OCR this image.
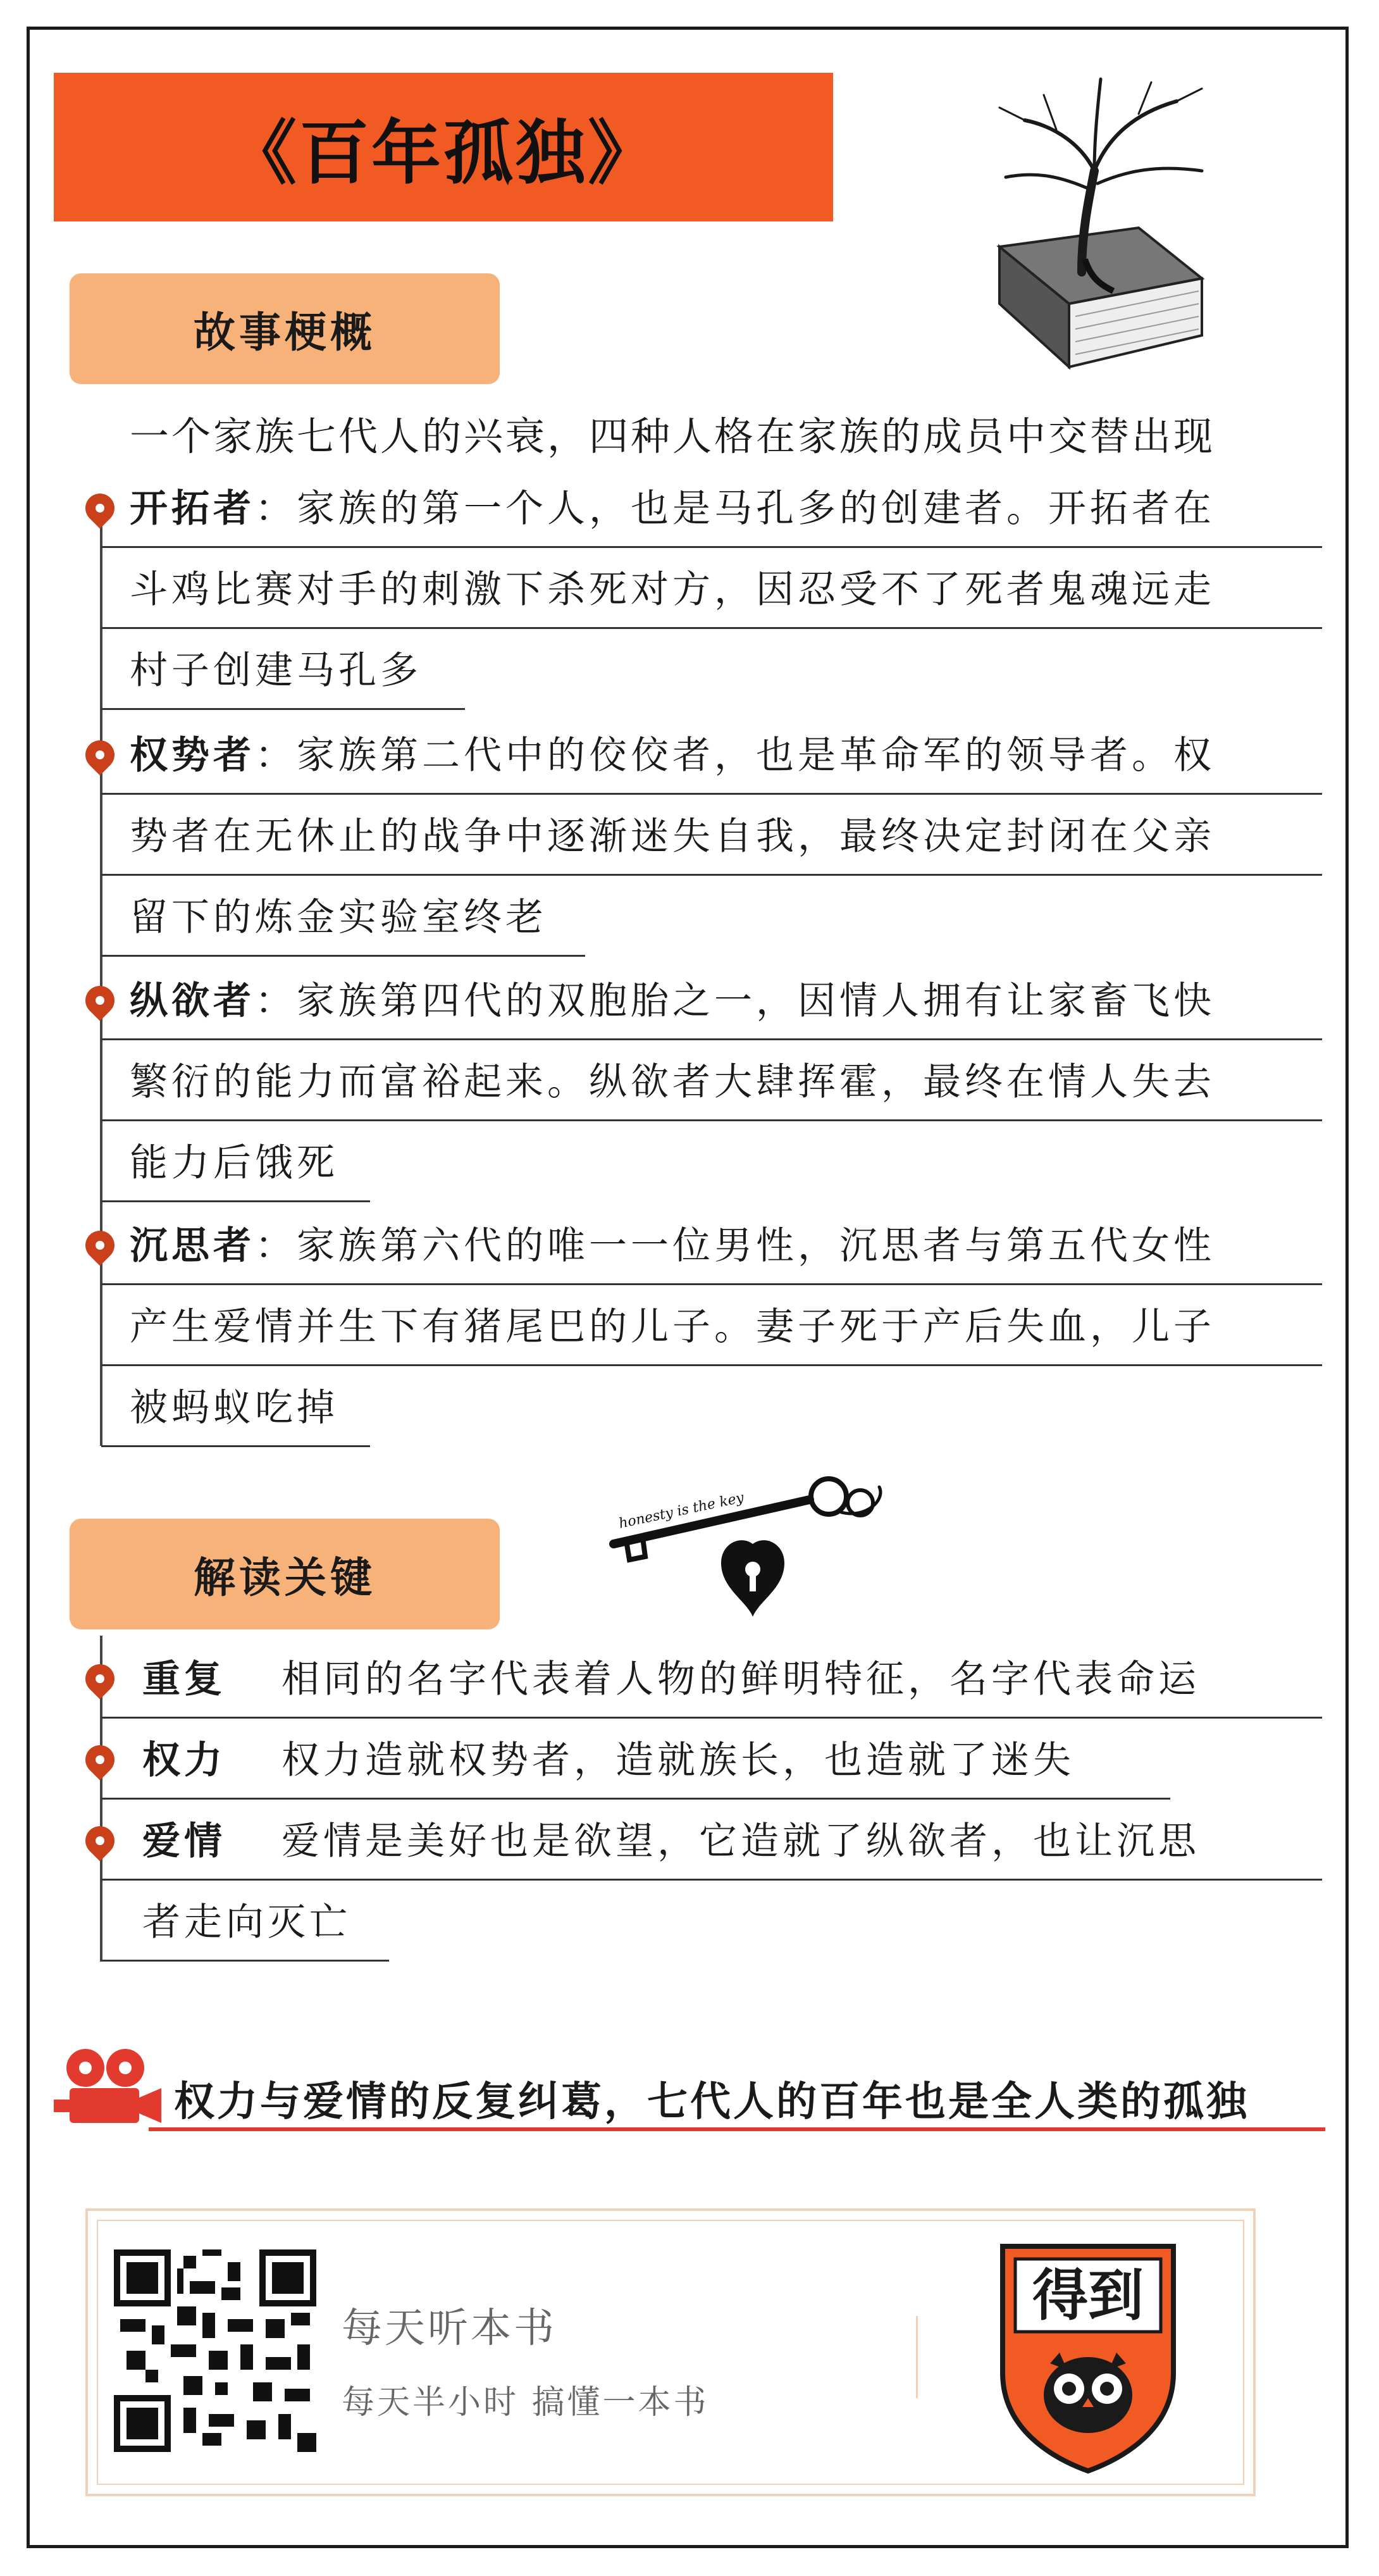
《百年孤独》
故事梗概
一个家族七代人的兴衰，四种人格在家族的成员中交替出现
开拓者：家族的第一个人，也是马孔多的创建者。开拓者在
斗鸡比赛对手的刺激下杀死对方，因忍受不了死者鬼魂远走
村子创建马孔多
权势者：家族第二代中的佼佼者，也是革命军的领导者。权
势者在无休止的战争中逐渐迷失自我，最终决定封闭在父亲
留下的炼金实验室终老
纵欲者：家族第四代的双胞胎之一，因情人拥有让家畜飞快
繁衍的能力而富裕起来。纵欲者大肆挥霍，最终在情人失去
能力后饿死
沉思者：家族第六代的唯一一位男性，沉思者与第五代女性
产生爱情并生下有猪尾巴的儿子。妻子死于产后失血，儿子
被蚂蚁吃掉
解读关键
honesty is the key
重复 相同的名字代表着人物的鲜明特征，名字代表命运
权力 权力造就权势者，造就族长，也造就了迷失
爱情 爱情是美好也是欲望，它造就了纵欲者，也让沉思
者走向灭亡
权力与爱情的反复纠葛，七代人的百年也是全人类的孤独
每天听本书
每天半小时 搞懂一本书
得到
